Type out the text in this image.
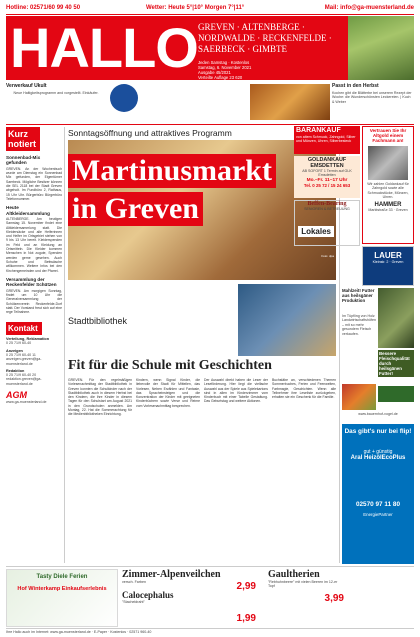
Hotline: 02571/60 99 40 50	Wetter: Heute 5°|10° Morgen 7°|11°	Mail: info@ga-muensterland.de
HALLO GREVEN · ALTENBERGE · NORDWALDE · RECKENFELDE · SAERBECK · GIMBTE
Jeden Samstag · Kostenlos
Samstag, 6. November 2021
Ausgabe 45/2021
Verteilte Auflage 23 620
Verwerkauf Ukult
Neue Haltigkeitsprogramm and vorgestellt. Einkäufer.
Passt in den Herbst
Kochen gibt die Blätterbe bei unserem Rezept der Woche: die Wunderschönsten Leckereien. | Kuch & Weber
Kurz notiert
Sonnenbad-Mix gefunden
GREVEN. An der Wochenbuch wurde am Dienstag ein Sonnenbad Mix gefunden, der Eigentümer Saerbeck. Mögliche Besitzer können die SEL 2118 bei der Stadt Greven abgeholt. Im Fundbüro 2, Rathaus, 15 Uhr Uhr. Bürgerbüro Bürgerbüro Telefonnummer.
Heute Altkleidersammlung
ALTENBERGE. Am heutigen Samstag 15. November findet eine Altkleidersammlung statt. Die Kleidersäcke und alle Helferinnen und Helfer im Ortsgebiet stehen von 9 bis 13 Uhr bereit. Kleiderspenden im Feld und an Kleidung an Ortsmitteln. Die Kleider kommen Menschen in Not zugute, Spenden werden gerne gesehen. Auch Schuhe und Bettwäsche willkommen. Weitere Infos bei den Kirchengemeinden und der Pfarrei.
Versammlung der Reckenfelder Schützen
GREVEN. Am morgigen Sonntag, findet um 10 Uhr die Generalversammlung der Schützenverein Reckenfelde-Dorf statt. Der Vorstand freut sich auf eine rege Teilnahme.
Kontakt
Verteilung, Reklamation
0 25 71/9 60-40
Anzeigen
0 25 71/9 60-40 11
anzeigen.greven@ga-muensterland.de
Redaktion
0 25 71/9 60-40 20
redaktion.greven@ga-muensterland.de
AGM
www.ga-muensterland.de
Sonntagsöffnung und attraktives Programm
Martinusmarkt
in Greven
Lokales
Foto: dpa
Stadtbibliothek
Fit für die Schule mit Geschichten
GREVEN. Für den regelmäßigen Vorlesenachmittag der Stadtbibliothek in Greven konnten die Schulkinder nach der Stadtbibliothek auch in diesem Herbst bei den Kindern, die ihre Kinder in diesem Tagen für den Schulstart am August 2021 in den Grundschulen anmelden. Am Montag, 22. Hat die Sommerachtung für die Medienbibliotheken Einrichtung.
Kindern, wenn Signal Kinder, die liebevolle der Stadt für Mitteilen, das Vorlesen, Neben Erzählen und Fantasie, das Spracheinsteigen und die Konzentration der Kinder mit geeigneten Kinderbüchern sowie Verse und Reime vom Vorlesenachmittag besprechen.
Der Auswahl direkt haben die Leser der Leseförderung. Hier liegt die vielfache Auswahl aus der Spiele aus Spielekartons sind in allen im Kinderzimmer vom Kinderbuch mit einer Tabelle Gestaltung. Das Geburtstag und weitere Aktionen.
Buchstäbe an, verschiedenen Themen Sommerbuches, Ferien und Feenwelten, Farbmagie, Geschichten. Wenn alle Teilnehmer ihre Leseliste zurückgeben, erhalten sie ein Geschenk für die Familie.
BARANKAUF
von altem Schmuck, Zahngold, Silber und Münzen, Uhren, Silberbesteck
Vertrauen Sie Ihr Altgold einem Fachmann an!
Wir zahlen Goldankauf für Zahngold sowie alle Schmuckstücke, Münzen, Uhren.
HAMMER
Marktstraße 33 · Greven
GOLDANKAUF EMSDETTEN
AB SOFORT 1 Termin auf GLK Emsdetten
Mo.–Fr. 11–17 Uhr
Tel. 0 25 72 / 15 24 653
Beffen-Bearing
SENIOREN & BETREUUNG
LAUER
Kleinstr. 2 · Greven
Mahlzeit! Futter aus heilsgäner Produktion
Im Tüpfling von Holz Landwirtschaftshöfen – mit so mehr gesundem Fleisch verkaufen.
Bessere Fleischqualität durch heilsgänen Futter!
www.bauernhof-vogel.de
Das gibt's nur bei flip!
gut + günstig
Aral HeizölEcoPlus
02570 97 11 80
EnergiePartner
Tasty Diele Ferien
Hof Winterkamp Einkaufserlebnis
Zimmer-Alpenveilchen
versch. Farben	2,99
Calocephalus
"Stacheldraht"
1,99
Gaultherien
"Rebhuhnbeere" mit vielen Beeren im 12-er Topf
3,99
Ihre Hallo auch im Internet: www.ga-muensterland.de · E-Paper · Kostenlos · 02571 960-40
